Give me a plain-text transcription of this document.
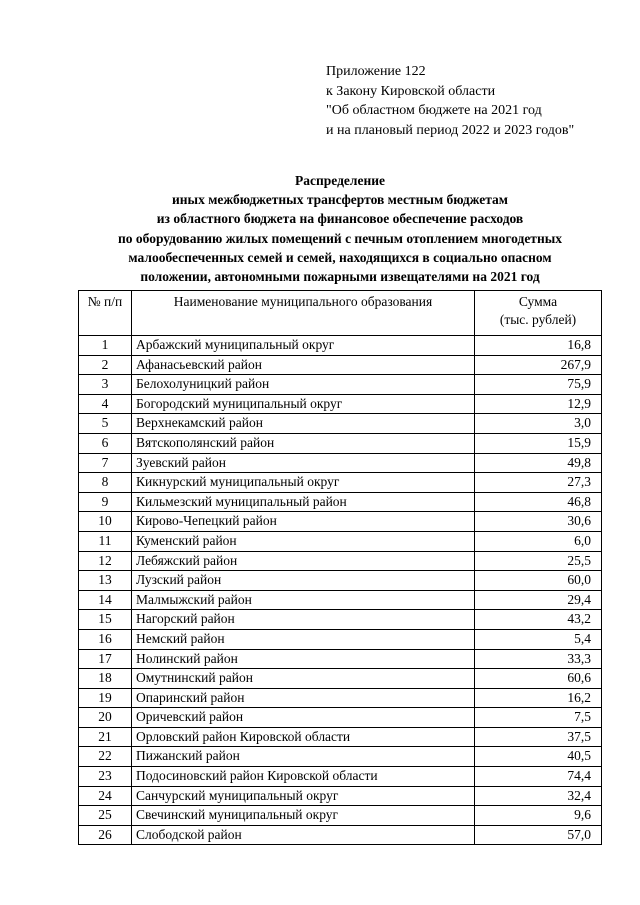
Приложение 122
к Закону Кировской области
"Об областном бюджете на 2021 год
и на плановый период 2022 и 2023 годов"
Распределение
иных межбюджетных трансфертов местным бюджетам
из областного бюджета на финансовое обеспечение расходов
по оборудованию жилых помещений с печным отоплением многодетных
малообеспеченных семей и семей, находящихся в социально опасном
положении, автономными пожарными извещателями на 2021 год
№ п/п	Наименование муниципального образования	Сумма
(тыс. рублей)

1	Арбажский муниципальный округ	16,8
2	Афанасьевский район	267,9
3	Белохолуницкий район	75,9
4	Богородский муниципальный округ	12,9
5	Верхнекамский район	3,0
6	Вятскополянский район	15,9
7	Зуевский район	49,8
8	Кикнурский муниципальный округ	27,3
9	Кильмезский муниципальный район	46,8
10	Кирово-Чепецкий район	30,6
11	Куменский район	6,0
12	Лебяжский район	25,5
13	Лузский район	60,0
14	Малмыжский район	29,4
15	Нагорский район	43,2
16	Немский район	5,4
17	Нолинский район	33,3
18	Омутнинский район	60,6
19	Опаринский район	16,2
20	Оричевский район	7,5
21	Орловский район Кировской области	37,5
22	Пижанский район	40,5
23	Подосиновский район Кировской области	74,4
24	Санчурский муниципальный округ	32,4
25	Свечинский муниципальный округ	9,6
26	Слободской район	57,0
